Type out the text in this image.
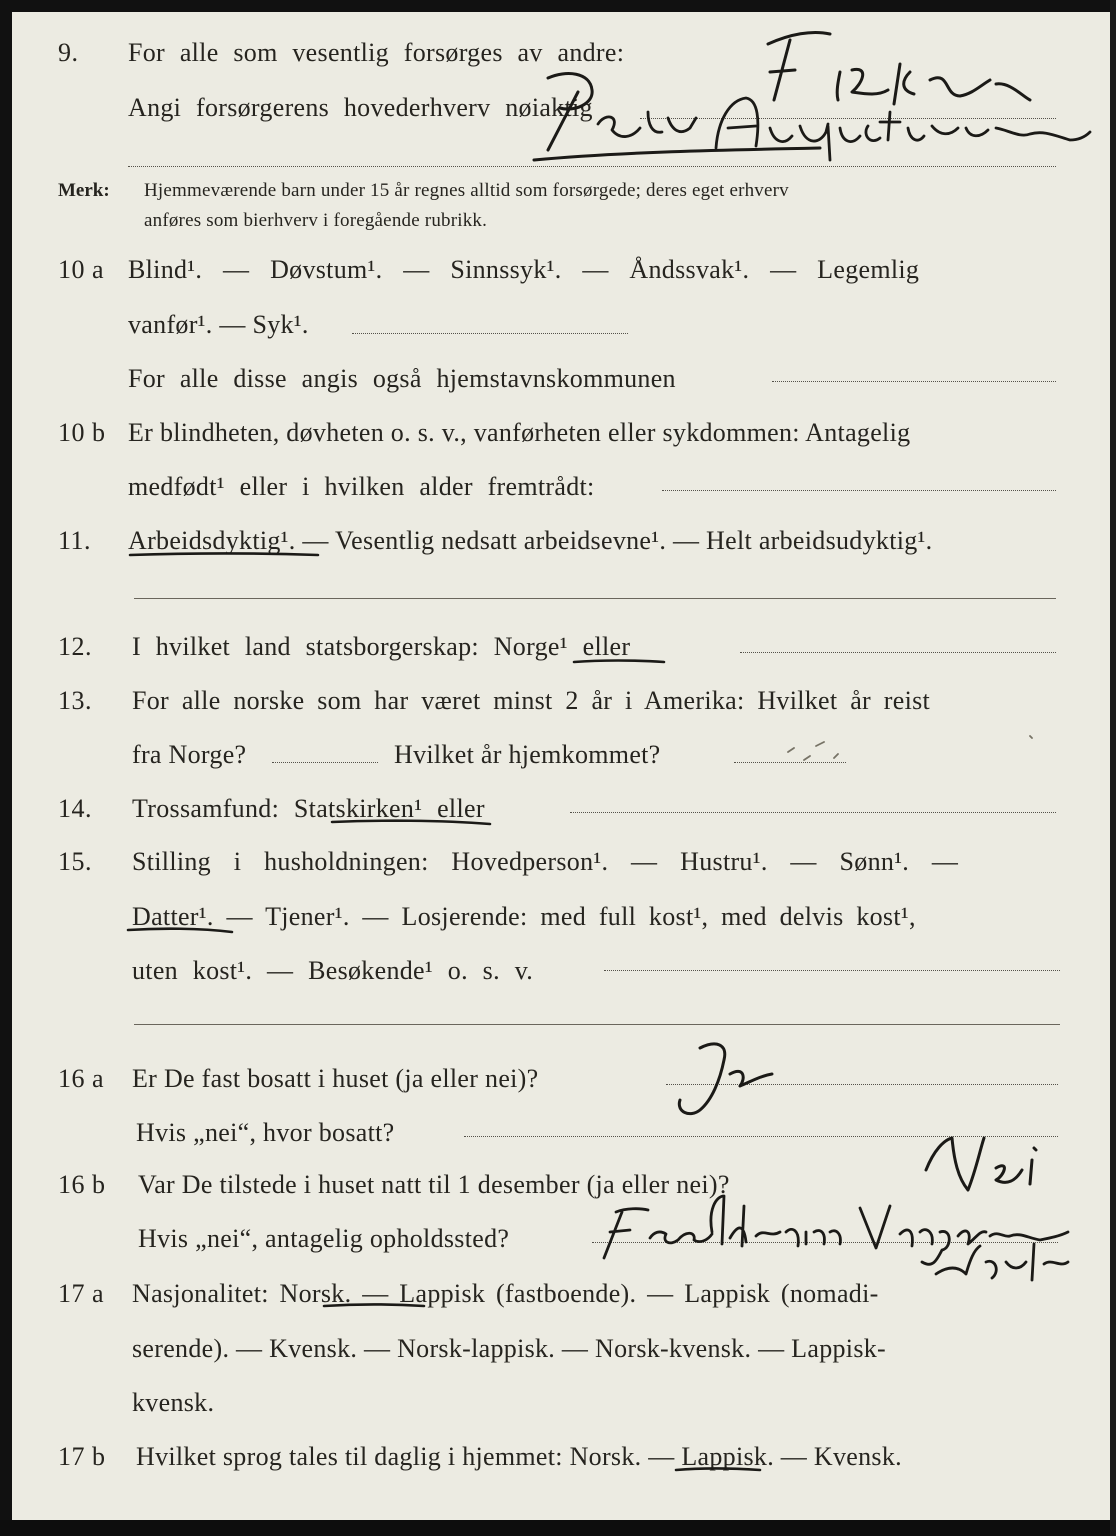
9. For alle som vesentlig forsørges av andre:
Angi forsørgerens hovederhverv nøiaktig
Merk: Hjemmeværende barn under 15 år regnes alltid som forsørgede; deres eget erhverv
anføres som bierhverv i foregående rubrikk.
10 a Blind¹. — Døvstum¹. — Sinnssyk¹. — Åndssvak¹. — Legemlig
vanfør¹. — Syk¹.
For alle disse angis også hjemstavnskommunen
10 b Er blindheten, døvheten o. s. v., vanførheten eller sykdommen: Antagelig
medfødt¹ eller i hvilken alder fremtrådt:
11. Arbeidsdyktig¹. — Vesentlig nedsatt arbeidsevne¹. — Helt arbeidsudyktig¹.
12. I hvilket land statsborgerskap: Norge¹ eller
13. For alle norske som har været minst 2 år i Amerika: Hvilket år reist
fra Norge?	Hvilket år hjemkommet?
14. Trossamfund: Statskirken¹ eller
15. Stilling i husholdningen: Hovedperson¹. — Hustru¹. — Sønn¹. —
Datter¹. — Tjener¹. — Losjerende: med full kost¹, med delvis kost¹,
uten kost¹. — Besøkende¹ o. s. v.
16 a Er De fast bosatt i huset (ja eller nei)?
Hvis „nei“, hvor bosatt?
16 b Var De tilstede i huset natt til 1 desember (ja eller nei)?
Hvis „nei“, antagelig opholdssted?
17 a Nasjonalitet: Norsk. — Lappisk (fastboende). — Lappisk (nomadi-
serende). — Kvensk. — Norsk-lappisk. — Norsk-kvensk. — Lappisk-
kvensk.
17 b Hvilket sprog tales til daglig i hjemmet: Norsk. — Lappisk. — Kvensk.
